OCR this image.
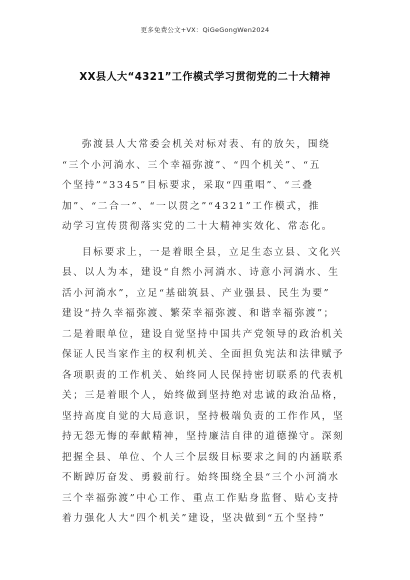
更多免费公文+VX：QiGeGongWen2024
XX县人大“4321”工作模式学习贯彻党的二十大精神
弥渡县人大常委会机关对标对表、有的放矢，围绕
“三个小河淌水、三个幸福弥渡”、“四个机关”、“五
个坚持”“3345”目标要求，采取“四重唱”、“三叠
加”、“二合一”、“一以贯之”“4321”工作模式，推
动学习宣传贯彻落实党的二十大精神实效化、常态化。
目标要求上，一是着眼全县，立足生态立县、文化兴
县、以人为本，建设“自然小河淌水、诗意小河淌水、生
活小河淌水”，立足“基础筑县、产业强县、民生为要”
建设“持久幸福弥渡、繁荣幸福弥渡、和谐幸福弥渡”；
二是着眼单位，建设自觉坚持中国共产党领导的政治机关
保证人民当家作主的权利机关、全面担负宪法和法律赋予
各项职责的工作机关、始终同人民保持密切联系的代表机
关；三是着眼个人，始终做到坚持绝对忠诚的政治品格，
坚持高度自觉的大局意识，坚持极端负责的工作作风，坚
持无怨无悔的奉献精神，坚持廉洁自律的道德操守。深刻
把握全县、单位、个人三个层级目标要求之间的内涵联系
不断踔厉奋发、勇毅前行。始终围绕全县“三个小河淌水
三个幸福弥渡”中心工作、重点工作贴身监督、贴心支持
着力强化人大“四个机关”建设，坚决做到“五个坚持”
